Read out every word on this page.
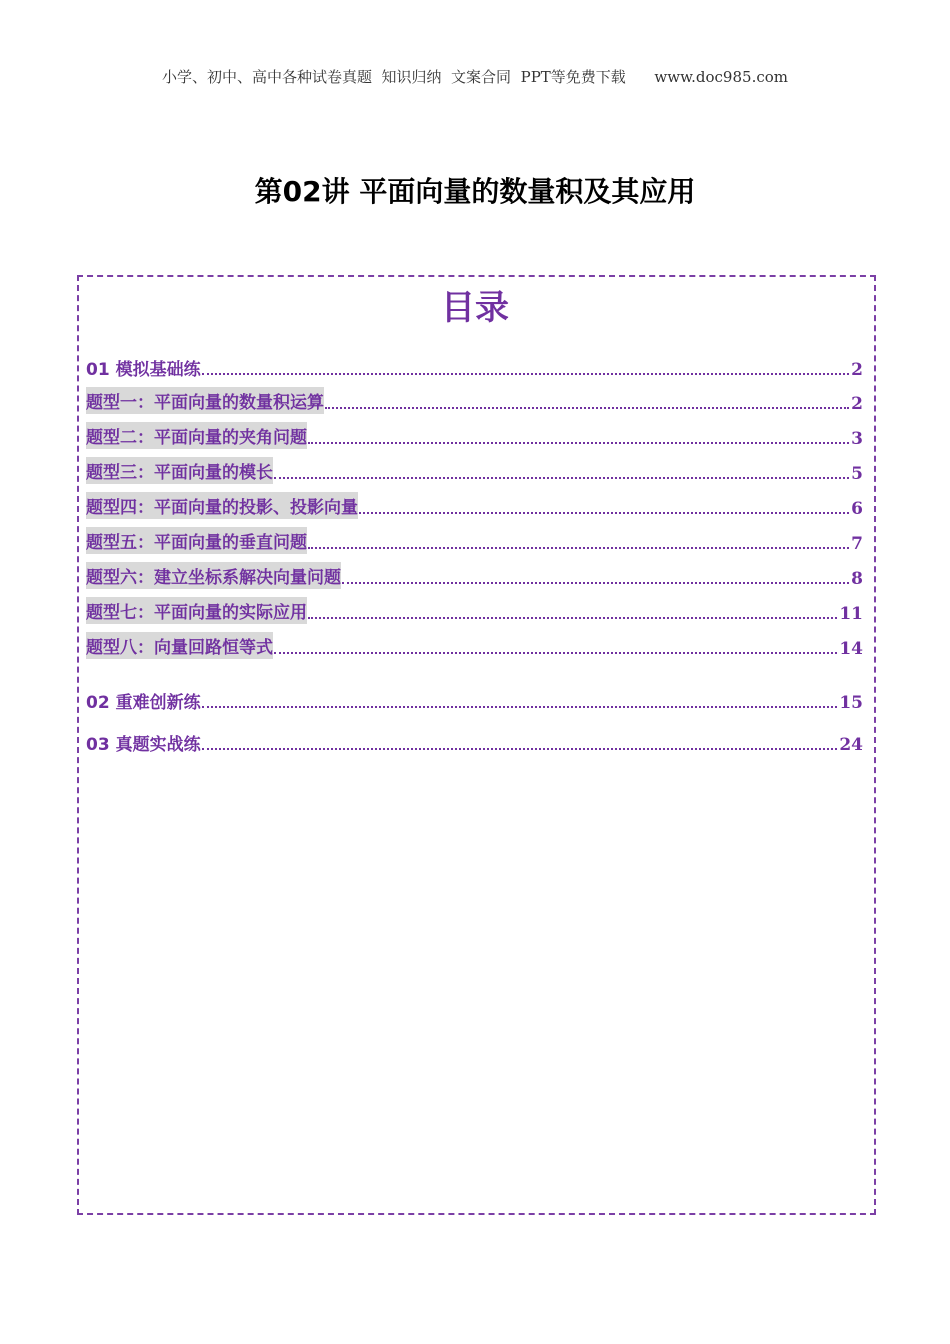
小学、初中、高中各种试卷真题  知识归纳  文案合同  PPT等免费下载      www.doc985.com
第02讲 平面向量的数量积及其应用
目录
01 模拟基础练	2
题型一：平面向量的数量积运算	2
题型二：平面向量的夹角问题	3
题型三：平面向量的模长	5
题型四：平面向量的投影、投影向量	6
题型五：平面向量的垂直问题	7
题型六：建立坐标系解决向量问题	8
题型七：平面向量的实际应用	11
题型八：向量回路恒等式	14
02 重难创新练	15
03 真题实战练	24
